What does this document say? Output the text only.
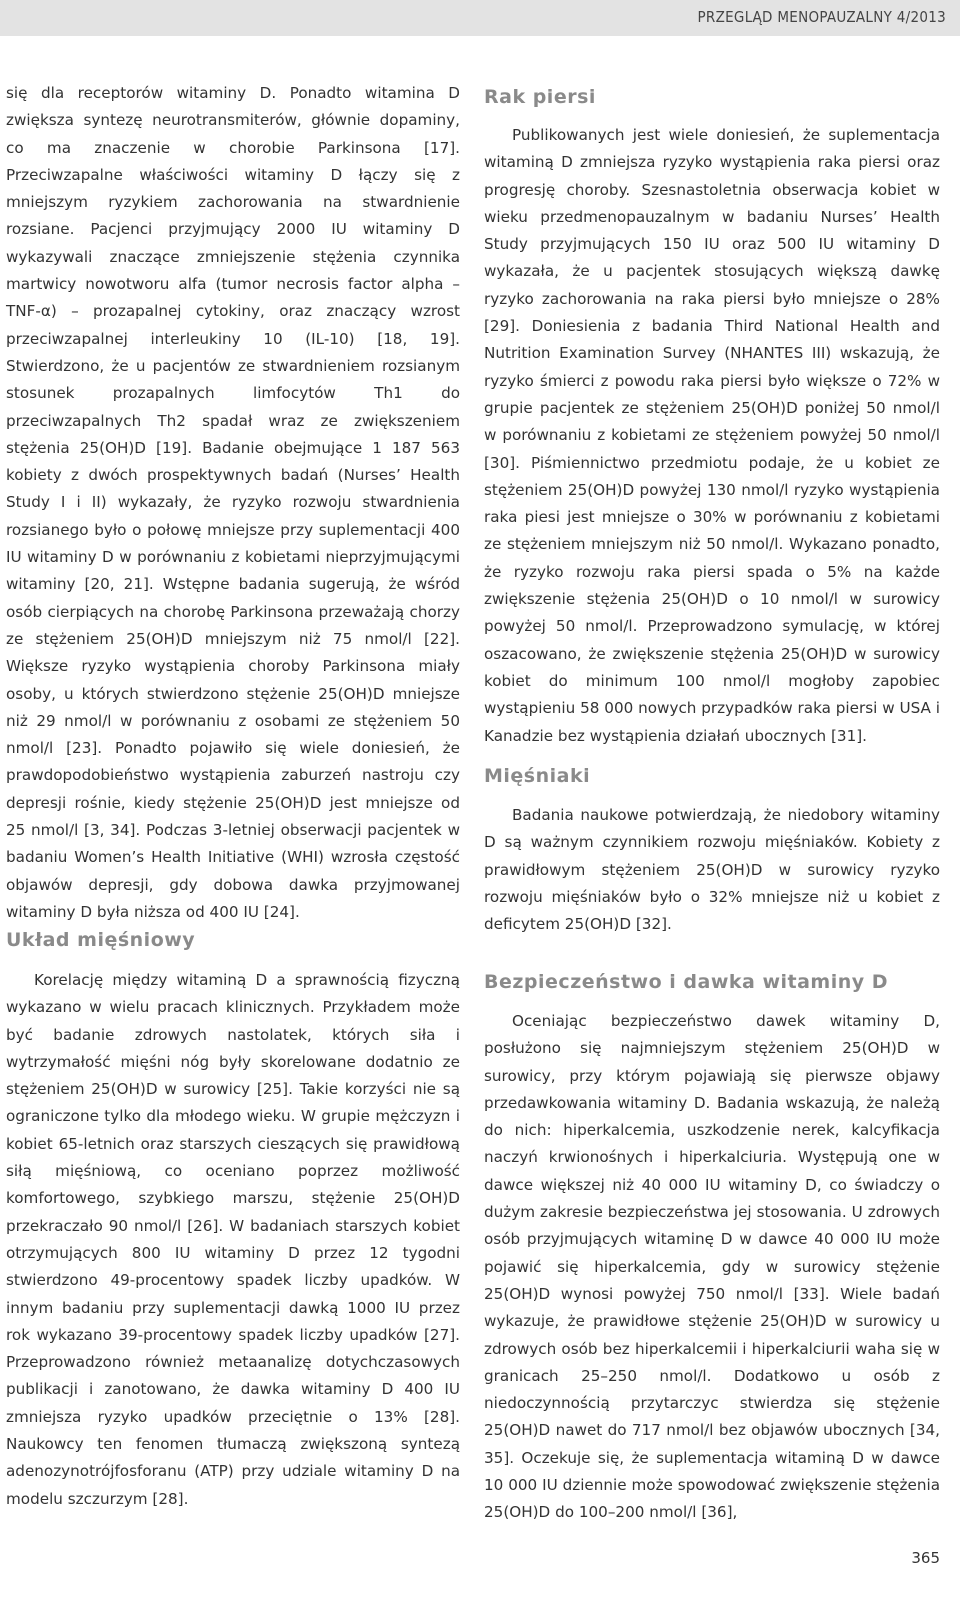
PRZEGLĄD MENOPAUZALNY 4/2013

się dla receptorów witaminy D. Ponadto witamina D zwiększa syntezę neurotransmiterów, głównie dopaminy, co ma znaczenie w chorobie Parkinsona [17]. Przeciwzapalne właściwości witaminy D łączy się z mniejszym ryzykiem zachorowania na stwardnienie rozsiane. Pacjenci przyjmujący 2000 IU witaminy D wykazywali znaczące zmniejszenie stężenia czynnika martwicy nowotworu alfa (tumor necrosis factor alpha – TNF-α) – prozapalnej cytokiny, oraz znaczący wzrost przeciwzapalnej interleukiny 10 (IL-10) [18, 19]. Stwierdzono, że u pacjentów ze stwardnieniem rozsianym stosunek prozapalnych limfocytów Th1 do przeciwzapalnych Th2 spadał wraz ze zwiększeniem stężenia 25(OH)D [19]. Badanie obejmujące 1 187 563 kobiety z dwóch prospektywnych badań (Nurses’ Health Study I i II) wykazały, że ryzyko rozwoju stwardnienia rozsianego było o połowę mniejsze przy suplementacji 400 IU witaminy D w porównaniu z kobietami nieprzyjmującymi witaminy [20, 21]. Wstępne badania sugerują, że wśród osób cierpiących na chorobę Parkinsona przeważają chorzy ze stężeniem 25(OH)D mniejszym niż 75 nmol/l [22]. Większe ryzyko wystąpienia choroby Parkinsona miały osoby, u których stwierdzono stężenie 25(OH)D mniejsze niż 29 nmol/l w porównaniu z osobami ze stężeniem 50 nmol/l [23]. Ponadto pojawiło się wiele doniesień, że prawdopodobieństwo wystąpienia zaburzeń nastroju czy depresji rośnie, kiedy stężenie 25(OH)D jest mniejsze od 25 nmol/l [3, 34]. Podczas 3-letniej obserwacji pacjentek w badaniu Women’s Health Initiative (WHI) wzrosła częstość objawów depresji, gdy dobowa dawka przyjmowanej witaminy D była niższa od 400 IU [24].

Układ mięśniowy

Korelację między witaminą D a sprawnością fizyczną wykazano w wielu pracach klinicznych. Przykładem może być badanie zdrowych nastolatek, których siła i wytrzymałość mięśni nóg były skorelowane dodatnio ze stężeniem 25(OH)D w surowicy [25]. Takie korzyści nie są ograniczone tylko dla młodego wieku. W grupie mężczyzn i kobiet 65-letnich oraz starszych cieszących się prawidłową siłą mięśniową, co oceniano poprzez możliwość komfortowego, szybkiego marszu, stężenie 25(OH)D przekraczało 90 nmol/l [26]. W badaniach starszych kobiet otrzymujących 800 IU witaminy D przez 12 tygodni stwierdzono 49-procentowy spadek liczby upadków. W innym badaniu przy suplementacji dawką 1000 IU przez rok wykazano 39-procentowy spadek liczby upadków [27]. Przeprowadzono również metaanalizę dotychczasowych publikacji i zanotowano, że dawka witaminy D 400 IU zmniejsza ryzyko upadków przeciętnie o 13% [28]. Naukowcy ten fenomen tłumaczą zwiększoną syntezą adenozynotrójfosforanu (ATP) przy udziale witaminy D na modelu szczurzym [28].

Rak piersi

Publikowanych jest wiele doniesień, że suplementacja witaminą D zmniejsza ryzyko wystąpienia raka piersi oraz progresję choroby. Szesnastoletnia obserwacja kobiet w wieku przedmenopauzalnym w badaniu Nurses’ Health Study przyjmujących 150 IU oraz 500 IU witaminy D wykazała, że u pacjentek stosujących większą dawkę ryzyko zachorowania na raka piersi było mniejsze o 28% [29]. Doniesienia z badania Third National Health and Nutrition Examination Survey (NHANTES III) wskazują, że ryzyko śmierci z powodu raka piersi było większe o 72% w grupie pacjentek ze stężeniem 25(OH)D poniżej 50 nmol/l w porównaniu z kobietami ze stężeniem powyżej 50 nmol/l [30]. Piśmiennictwo przedmiotu podaje, że u kobiet ze stężeniem 25(OH)D powyżej 130 nmol/l ryzyko wystąpienia raka piesi jest mniejsze o 30% w porównaniu z kobietami ze stężeniem mniejszym niż 50 nmol/l. Wykazano ponadto, że ryzyko rozwoju raka piersi spada o 5% na każde zwiększenie stężenia 25(OH)D o 10 nmol/l w surowicy powyżej 50 nmol/l. Przeprowadzono symulację, w której oszacowano, że zwiększenie stężenia 25(OH)D w surowicy kobiet do minimum 100 nmol/l mogłoby zapobiec wystąpieniu 58 000 nowych przypadków raka piersi w USA i Kanadzie bez wystąpienia działań ubocznych [31].

Mięśniaki

Badania naukowe potwierdzają, że niedobory witaminy D są ważnym czynnikiem rozwoju mięśniaków. Kobiety z prawidłowym stężeniem 25(OH)D w surowicy ryzyko rozwoju mięśniaków było o 32% mniejsze niż u kobiet z deficytem 25(OH)D [32].

Bezpieczeństwo i dawka witaminy D

Oceniając bezpieczeństwo dawek witaminy D, posłużono się najmniejszym stężeniem 25(OH)D w surowicy, przy którym pojawiają się pierwsze objawy przedawkowania witaminy D. Badania wskazują, że należą do nich: hiperkalcemia, uszkodzenie nerek, kalcyfikacja naczyń krwionośnych i hiperkalciuria. Występują one w dawce większej niż 40 000 IU witaminy D, co świadczy o dużym zakresie bezpieczeństwa jej stosowania. U zdrowych osób przyjmujących witaminę D w dawce 40 000 IU może pojawić się hiperkalcemia, gdy w surowicy stężenie 25(OH)D wynosi powyżej 750 nmol/l [33]. Wiele badań wykazuje, że prawidłowe stężenie 25(OH)D w surowicy u zdrowych osób bez hiperkalcemii i hiperkalciurii waha się w granicach 25–250 nmol/l. Dodatkowo u osób z niedoczynnością przytarczyc stwierdza się stężenie 25(OH)D nawet do 717 nmol/l bez objawów ubocznych [34, 35]. Oczekuje się, że suplementacja witaminą D w dawce 10 000 IU dziennie może spowodować zwiększenie stężenia 25(OH)D do 100–200 nmol/l [36],

365
